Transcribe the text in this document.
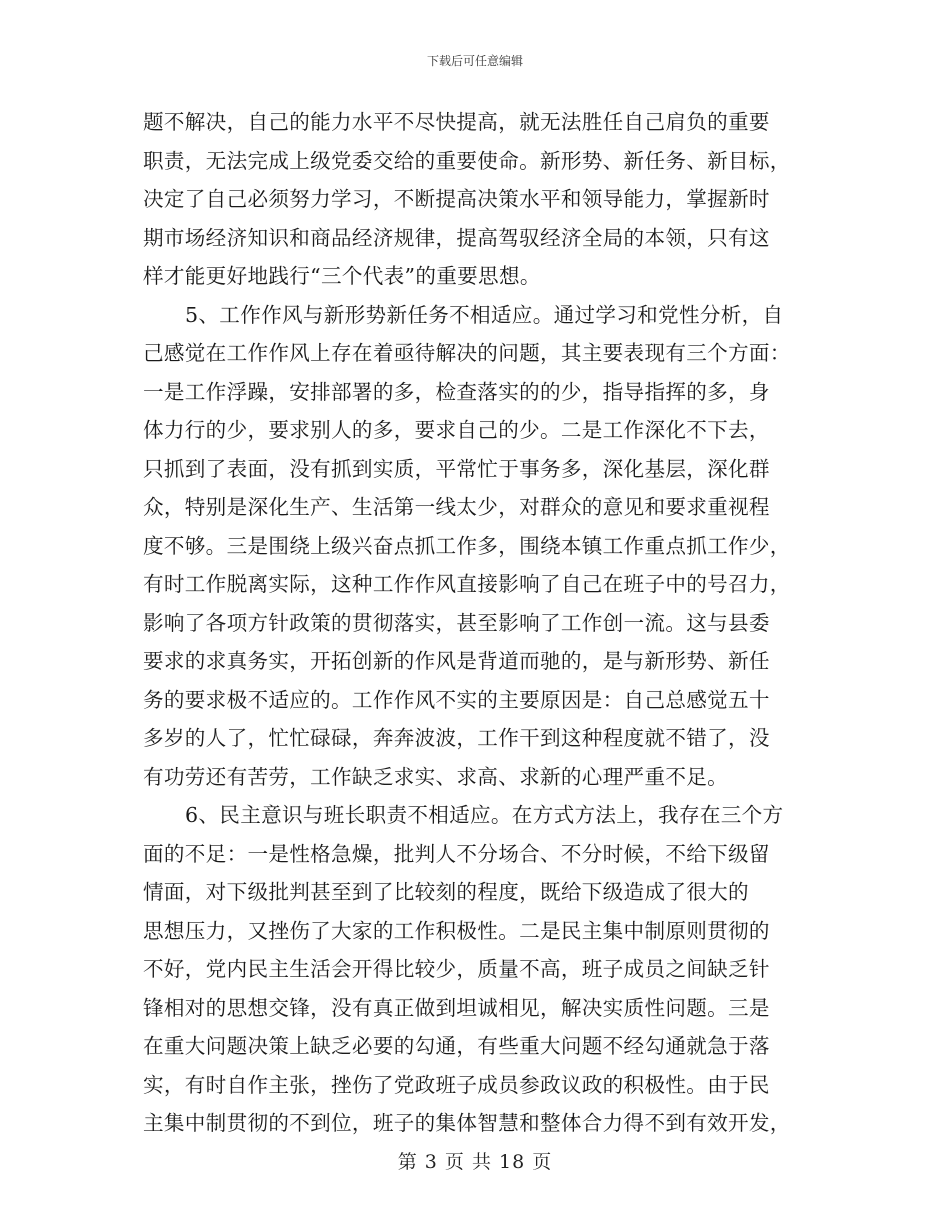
下载后可任意编辑

题不解决，自己的能力水平不尽快提高，就无法胜任自己肩负的重要
职责，无法完成上级党委交给的重要使命。新形势、新任务、新目标，
决定了自己必须努力学习，不断提高决策水平和领导能力，掌握新时
期市场经济知识和商品经济规律，提高驾驭经济全局的本领，只有这
样才能更好地践行“三个代表”的重要思想。

5、工作作风与新形势新任务不相适应。通过学习和党性分析，自
己感觉在工作作风上存在着亟待解决的问题，其主要表现有三个方面：
一是工作浮躁，安排部署的多，检查落实的的少，指导指挥的多，身
体力行的少，要求别人的多，要求自己的少。二是工作深化不下去，
只抓到了表面，没有抓到实质，平常忙于事务多，深化基层，深化群
众，特别是深化生产、生活第一线太少，对群众的意见和要求重视程
度不够。三是围绕上级兴奋点抓工作多，围绕本镇工作重点抓工作少，
有时工作脱离实际，这种工作作风直接影响了自己在班子中的号召力，
影响了各项方针政策的贯彻落实，甚至影响了工作创一流。这与县委
要求的求真务实，开拓创新的作风是背道而驰的，是与新形势、新任
务的要求极不适应的。工作作风不实的主要原因是：自己总感觉五十
多岁的人了，忙忙碌碌，奔奔波波，工作干到这种程度就不错了，没
有功劳还有苦劳，工作缺乏求实、求高、求新的心理严重不足。

6、民主意识与班长职责不相适应。在方式方法上，我存在三个方
面的不足：一是性格急燥，批判人不分场合、不分时候，不给下级留
情面，对下级批判甚至到了比较刻的程度，既给下级造成了很大的
思想压力，又挫伤了大家的工作积极性。二是民主集中制原则贯彻的
不好，党内民主生活会开得比较少，质量不高，班子成员之间缺乏针
锋相对的思想交锋，没有真正做到坦诚相见，解决实质性问题。三是
在重大问题决策上缺乏必要的勾通，有些重大问题不经勾通就急于落
实，有时自作主张，挫伤了党政班子成员参政议政的积极性。由于民
主集中制贯彻的不到位，班子的集体智慧和整体合力得不到有效开发，

第 3 页 共 18 页
